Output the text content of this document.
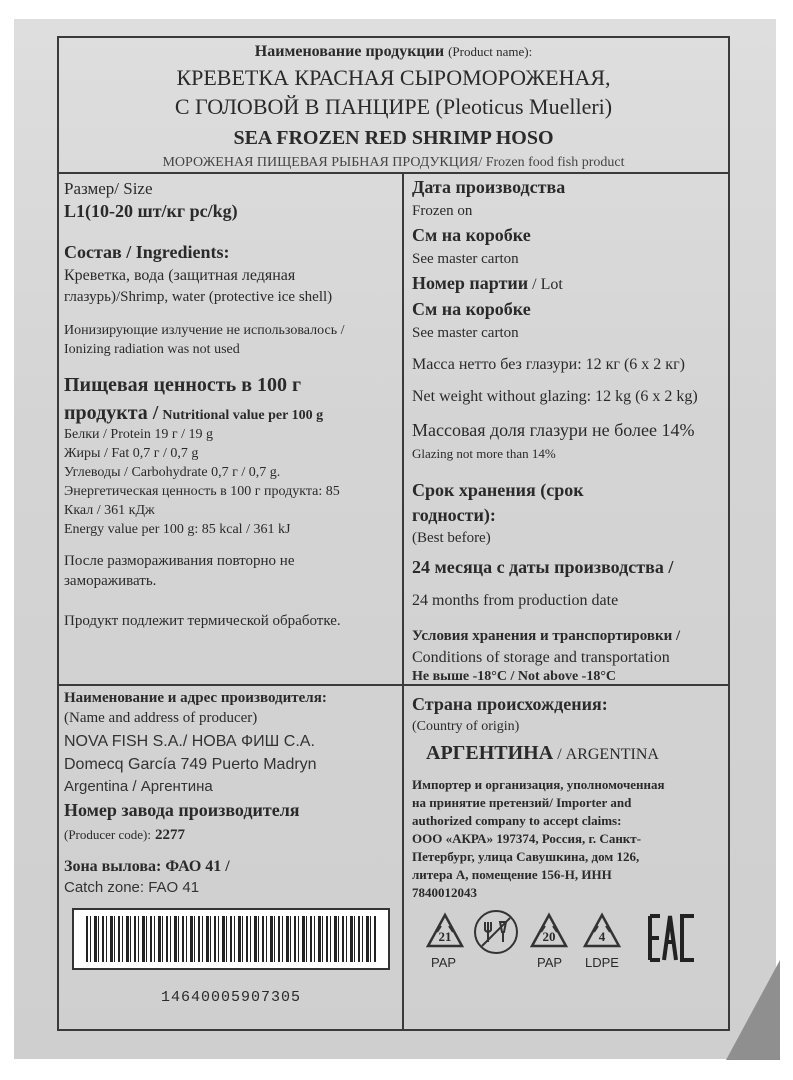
Наименование продукции (Product name):
КРЕВЕТКА КРАСНАЯ СЫРОМОРОЖЕНАЯ,
С ГОЛОВОЙ В ПАНЦИРЕ (Pleoticus Muelleri)
SEA FROZEN RED SHRIMP HOSO
МОРОЖЕНАЯ ПИЩЕВАЯ РЫБНАЯ ПРОДУКЦИЯ/ Frozen food fish product
Размер/ Size
L1(10-20 шт/кг pc/kg)
Состав / Ingredients:
Креветка, вода (защитная ледяная
глазурь)/Shrimp, water (protective ice shell)
Ионизирующие излучение не использовалось /
Ionizing radiation was not used
Пищевая ценность в 100 г
продукта / Nutritional value per 100 g
Белки / Protein 19 г / 19 g
Жиры / Fat 0,7 г / 0,7 g
Углеводы / Carbohydrate 0,7 г / 0,7 g.
Энергетическая ценность в 100 г продукта: 85
Ккал / 361 кДж
Energy value per 100 g: 85 kcal / 361 kJ
После размораживания повторно не
замораживать.
Продукт подлежит термической обработке.
Дата производства
Frozen on
См на коробке
See master carton
Номер партии / Lot
См на коробке
See master carton
Масса нетто без глазури: 12 кг (6 х 2 кг)
Net weight without glazing: 12 kg (6 x 2 kg)
Массовая доля глазури не более 14%
Glazing not more than 14%
Срок хранения (срок
годности):
(Best before)
24 месяца с даты производства /
24 months from production date
Условия хранения и транспортировки /
Conditions of storage and transportation
Не выше -18°C / Not above -18°C
Наименование и адрес производителя:
(Name and address of producer)
NOVA FISH S.A./ НОВА ФИШ С.А.
Domecq García 749 Puerto Madryn
Argentina / Аргентина
Номер завода производителя
(Producer code): 2277
Зона вылова: ФАО 41 /
Catch zone: FAO 41
14640005907305
Страна происхождения:
(Country of origin)
АРГЕНТИНА / ARGENTINA
Импортер и организация, уполномоченная
на принятие претензий/ Importer and
authorized company to accept claims:
ООО «АКРА» 197374, Россия, г. Санкт-
Петербург, улица Савушкина, дом 126,
литера А, помещение 156-Н, ИНН
7840012043
21
PAP
20
PAP
4
LDPE
